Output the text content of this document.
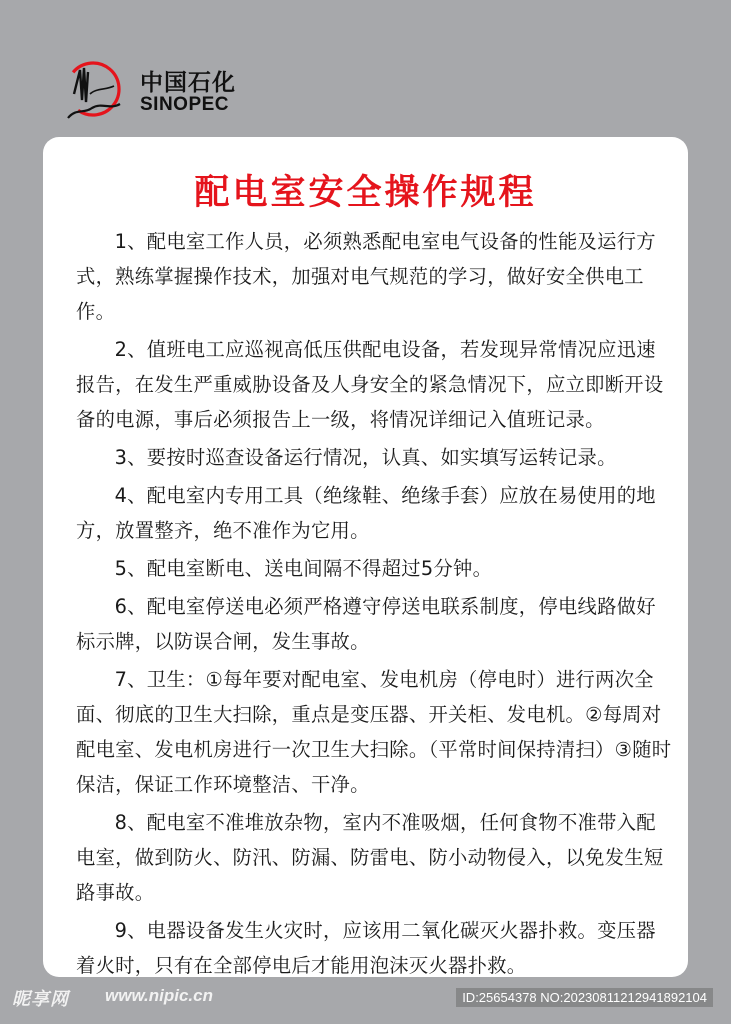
中国石化
SINOPEC
配电室安全操作规程

1、配电室工作人员，必须熟悉配电室电气设备的性能及运行方式，熟练掌握操作技术，加强对电气规范的学习，做好安全供电工作。

2、值班电工应巡视高低压供配电设备，若发现异常情况应迅速报告，在发生严重威胁设备及人身安全的紧急情况下，应立即断开设备的电源，事后必须报告上一级，将情况详细记入值班记录。

3、要按时巡查设备运行情况，认真、如实填写运转记录。

4、配电室内专用工具（绝缘鞋、绝缘手套）应放在易使用的地方，放置整齐，绝不准作为它用。

5、配电室断电、送电间隔不得超过5分钟。

6、配电室停送电必须严格遵守停送电联系制度，停电线路做好标示牌，以防误合闸，发生事故。

7、卫生：①每年要对配电室、发电机房（停电时）进行两次全面、彻底的卫生大扫除，重点是变压器、开关柜、发电机。②每周对配电室、发电机房进行一次卫生大扫除。（平常时间保持清扫）③随时保洁，保证工作环境整洁、干净。

8、配电室不准堆放杂物，室内不准吸烟，任何食物不准带入配电室，做到防火、防汛、防漏、防雷电、防小动物侵入，以免发生短路事故。

9、电器设备发生火灾时，应该用二氧化碳灭火器扑救。变压器着火时，只有在全部停电后才能用泡沫灭火器扑救。

昵享网 www.nipic.cn	ID:25654378 NO:20230811212941892104
